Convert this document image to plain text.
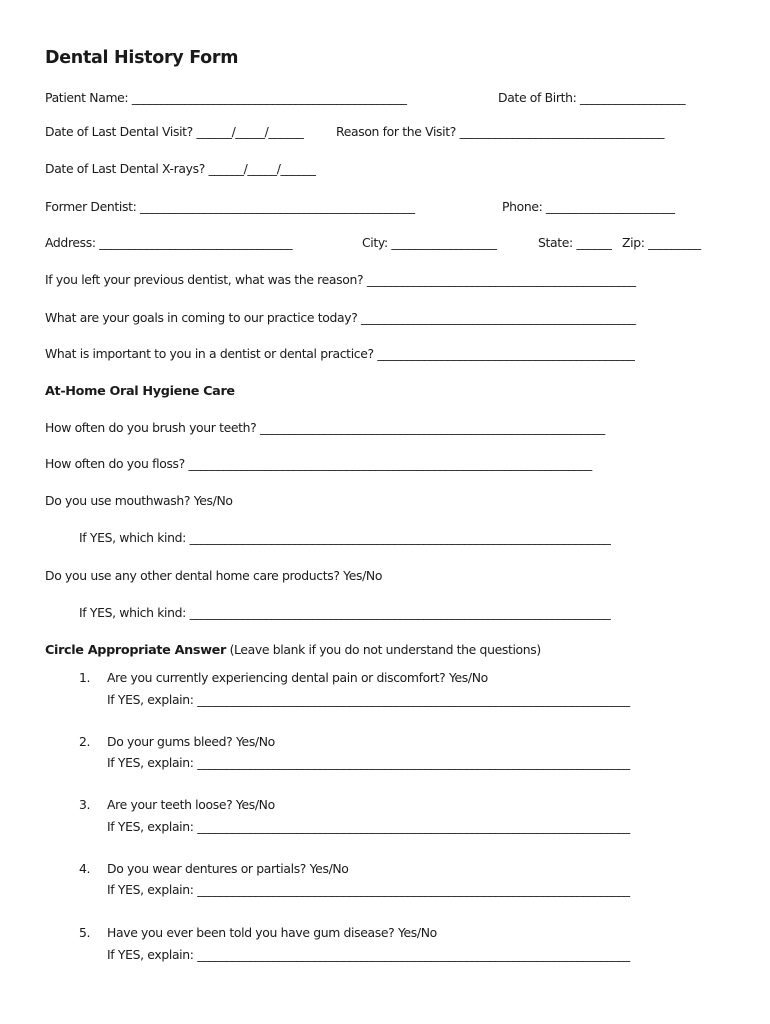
Dental History Form
Patient Name: _______________________________________________	Date of Birth: __________________
Date of Last Dental Visit? ______/_____/______	Reason for the Visit? ___________________________________
Date of Last Dental X-rays? ______/_____/______
Former Dentist: _______________________________________________	Phone: ______________________
Address: _________________________________	City: __________________	State: ______ Zip: _________
If you left your previous dentist, what was the reason? ______________________________________________
What are your goals in coming to our practice today? _______________________________________________
What is important to you in a dentist or dental practice? ____________________________________________
At-Home Oral Hygiene Care
How often do you brush your teeth? ___________________________________________________________
How often do you floss? _____________________________________________________________________
Do you use mouthwash? Yes/No
If YES, which kind: ________________________________________________________________________
Do you use any other dental home care products? Yes/No
If YES, which kind: ________________________________________________________________________
Circle Appropriate Answer (Leave blank if you do not understand the questions)
1. Are you currently experiencing dental pain or discomfort? Yes/No
If YES, explain: __________________________________________________________________________
2. Do your gums bleed? Yes/No
If YES, explain: __________________________________________________________________________
3. Are your teeth loose? Yes/No
If YES, explain: __________________________________________________________________________
4. Do you wear dentures or partials? Yes/No
If YES, explain: __________________________________________________________________________
5. Have you ever been told you have gum disease? Yes/No
If YES, explain: __________________________________________________________________________
